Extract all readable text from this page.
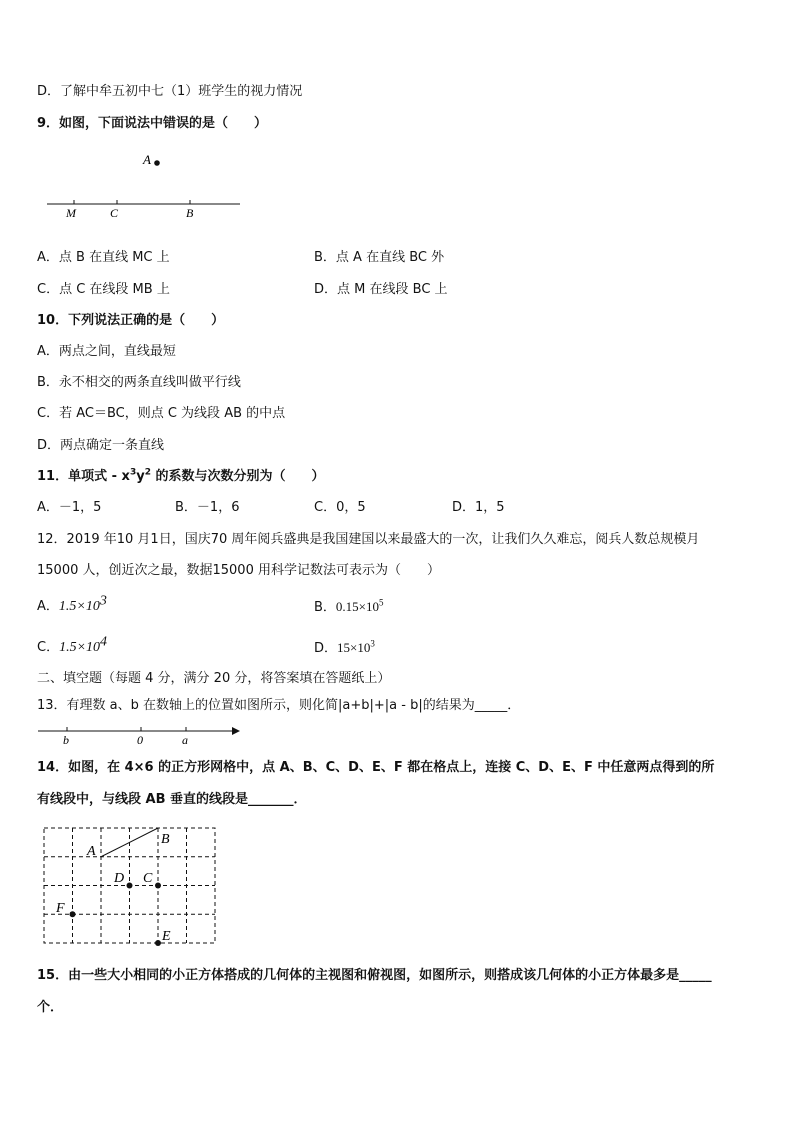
D．了解中牟五初中七（1）班学生的视力情况
9．如图，下面说法中错误的是（　　）
A
M	C	B
A．点 B 在直线 MC 上	B．点 A 在直线 BC 外
C．点 C 在线段 MB 上	D．点 M 在线段 BC 上
10．下列说法正确的是（　　）
A．两点之间，直线最短
B．永不相交的两条直线叫做平行线
C．若 AC＝BC，则点 C 为线段 AB 的中点
D．两点确定一条直线
11．单项式 - $x^3y^2$ 的系数与次数分别为（　　）
A．－1，5	B．－1，6	C．0，5	D．1，5
12．2019 年10 月1日，国庆70 周年阅兵盛典是我国建国以来最盛大的一次，让我们久久难忘，阅兵人数总规模月
15000 人，创近次之最，数据15000 用科学记数法可表示为（　　）
A．$1.5\times 10^3$	B．$0.15\times 10^5$
C．$1.5\times 10^4$	D．$15\times 10^3$
二、填空题（每题 4 分，满分 20 分，将答案填在答题纸上）
13．有理数 a、b 在数轴上的位置如图所示，则化简|a+b|+|a - b|的结果为_____．
b	0	a
14．如图，在 4×6 的正方形网格中，点 A、B、C、D、E、F 都在格点上，连接 C、D、E、F 中任意两点得到的所
有线段中，与线段 AB 垂直的线段是_______．
A
B
D C
F
E
15．由一些大小相同的小正方体搭成的几何体的主视图和俯视图，如图所示，则搭成该几何体的小正方体最多是_____
个．
